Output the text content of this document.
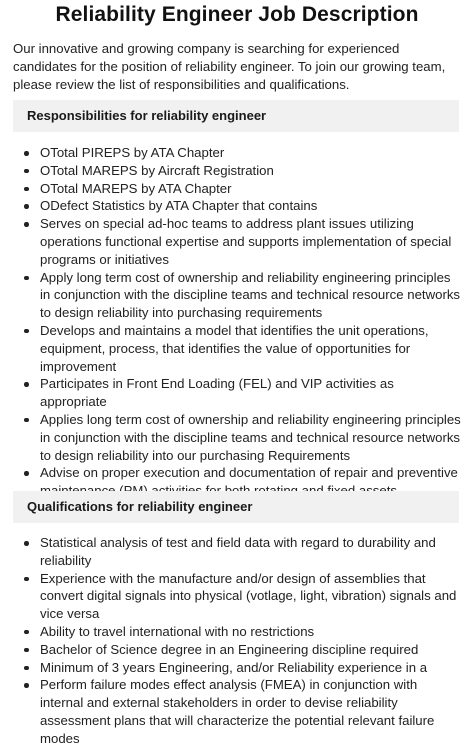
Reliability Engineer Job Description

Our innovative and growing company is searching for experienced candidates for the position of reliability engineer. To join our growing team, please review the list of responsibilities and qualifications.

Responsibilities for reliability engineer
OTotal PIREPS by ATA Chapter
OTotal MAREPS by Aircraft Registration
OTotal MAREPS by ATA Chapter
ODefect Statistics by ATA Chapter that contains
Serves on special ad-hoc teams to address plant issues utilizing operations functional expertise and supports implementation of special programs or initiatives
Apply long term cost of ownership and reliability engineering principles in conjunction with the discipline teams and technical resource networks to design reliability into purchasing requirements
Develops and maintains a model that identifies the unit operations, equipment, process, that identifies the value of opportunities for improvement
Participates in Front End Loading (FEL) and VIP activities as appropriate
Applies long term cost of ownership and reliability engineering principles in conjunction with the discipline teams and technical resource networks to design reliability into our purchasing Requirements
Advise on proper execution and documentation of repair and preventive
Qualifications for reliability engineer
Statistical analysis of test and field data with regard to durability and reliability
Experience with the manufacture and/or design of assemblies that convert digital signals into physical (votlage, light, vibration) signals and vice versa
Ability to travel international with no restrictions
Bachelor of Science degree in an Engineering discipline required
Minimum of 3 years Engineering, and/or Reliability experience in a
Perform failure modes effect analysis (FMEA) in conjunction with internal and external stakeholders in order to devise reliability assessment plans that will characterize the potential relevant failure modes
